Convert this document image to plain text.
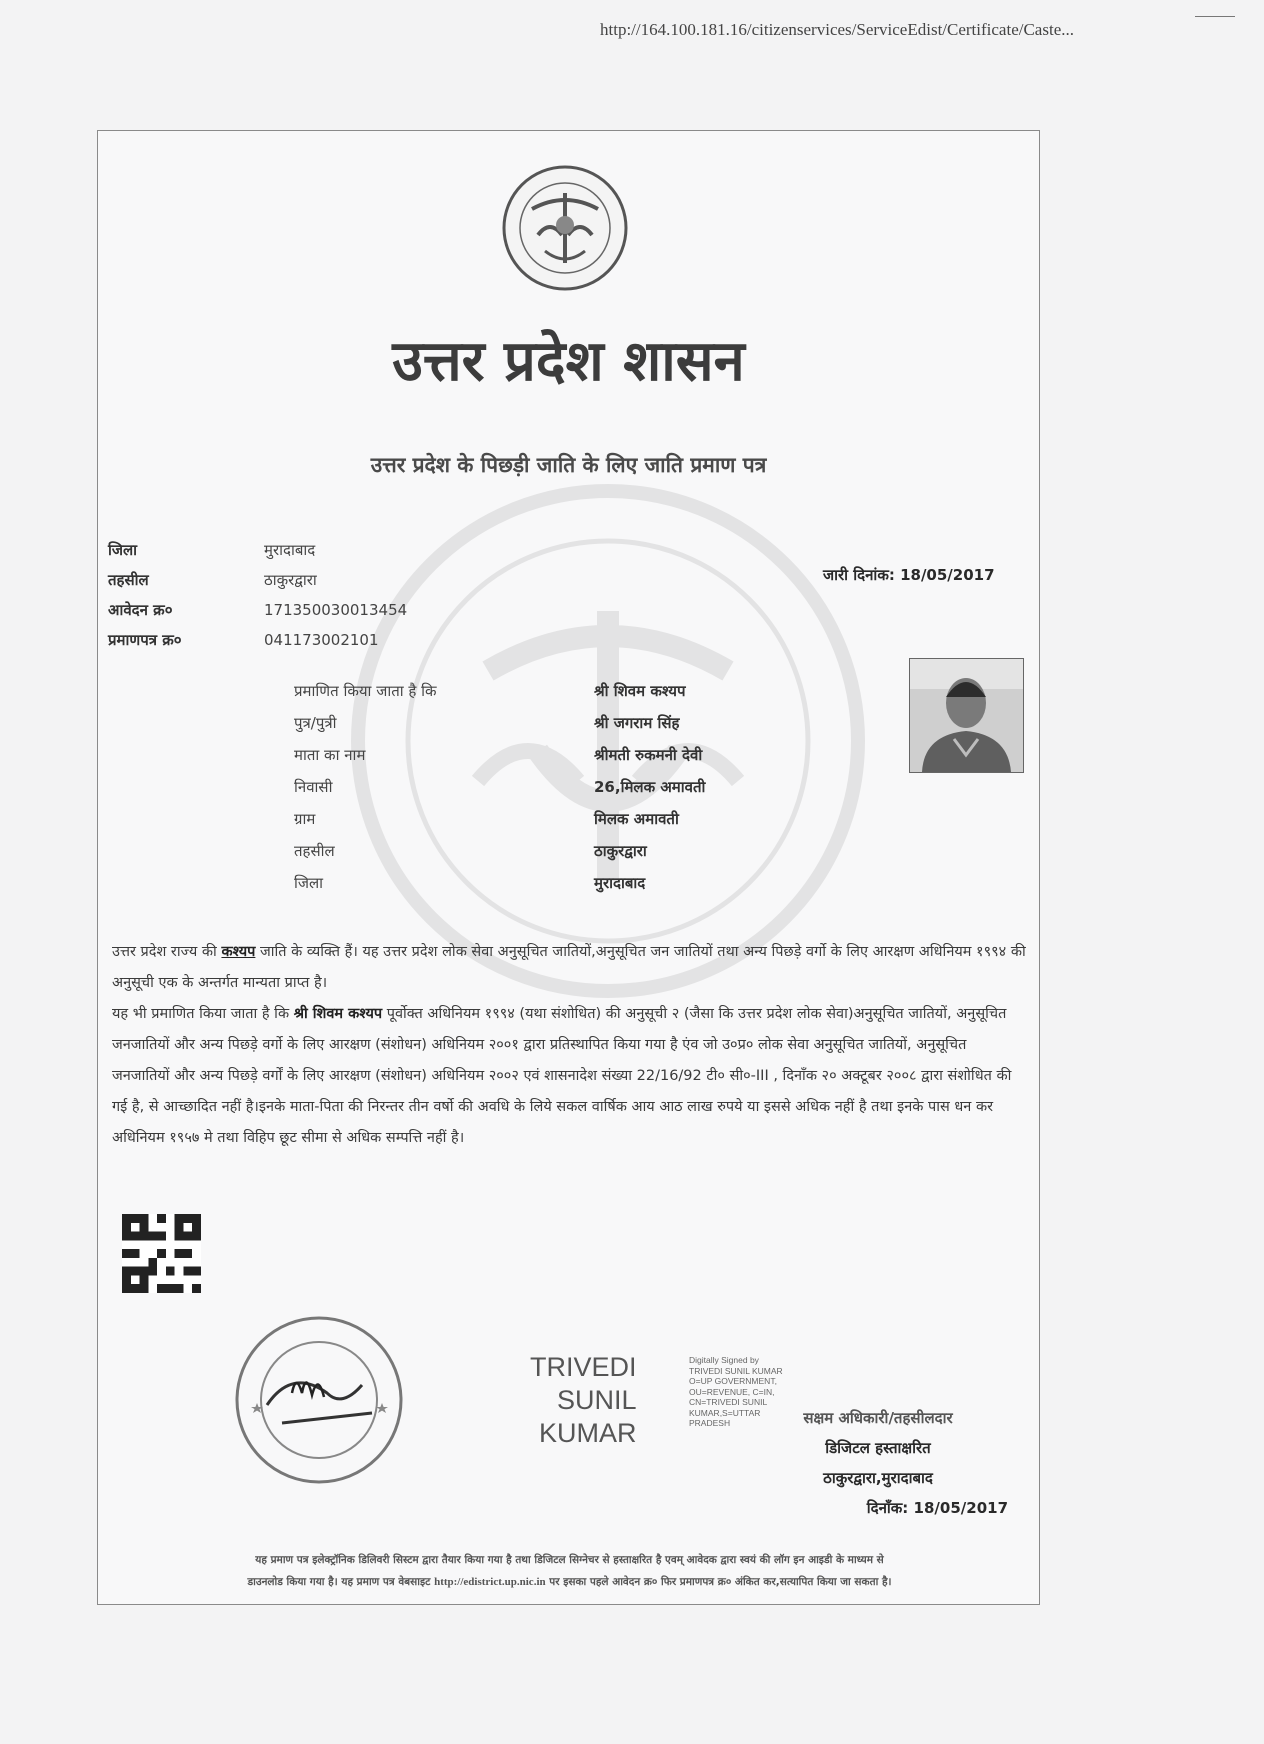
http://164.100.181.16/citizenservices/ServiceEdist/Certificate/Caste...
उत्तर प्रदेश शासन
उत्तर प्रदेश के पिछड़ी जाति के लिए जाति प्रमाण पत्र
जिला	मुरादाबाद
तहसील	ठाकुरद्वारा
आवेदन क्र०	171350030013454
प्रमाणपत्र क्र०	041173002101
जारी दिनांक: 18/05/2017
प्रमाणित किया जाता है कि	श्री शिवम कश्यप
पुत्र/पुत्री	श्री जगराम सिंह
माता का नाम	श्रीमती रुकमनी देवी
निवासी	26,मिलक अमावती
ग्राम	मिलक अमावती
तहसील	ठाकुरद्वारा
जिला	मुरादाबाद

उत्तर प्रदेश राज्य की कश्यप जाति के व्यक्ति हैं। यह उत्तर प्रदेश लोक सेवा अनुसूचित जातियों,अनुसूचित जन जातियों तथा अन्य पिछड़े वर्गो के लिए आरक्षण अधिनियम १९९४ की अनुसूची एक के अन्तर्गत मान्यता प्राप्त है।

यह भी प्रमाणित किया जाता है कि श्री शिवम कश्यप पूर्वोक्त अधिनियम १९९४ (यथा संशोधित) की अनुसूची २ (जैसा कि उत्तर प्रदेश लोक सेवा)अनुसूचित जातियों, अनुसूचित जनजातियों और अन्य पिछड़े वर्गो के लिए आरक्षण (संशोधन) अधिनियम २००१ द्वारा प्रतिस्थापित किया गया है एंव जो उ०प्र० लोक सेवा अनुसूचित जातियों, अनुसूचित जनजातियों और अन्य पिछड़े वर्गों के लिए आरक्षण (संशोधन) अधिनियम २००२ एवं शासनादेश संख्या 22/16/92 टी० सी०-III , दिनाँक २० अक्टूबर २००८ द्वारा संशोधित की गई है, से आच्छादित नहीं है।इनके माता-पिता की निरन्तर तीन वर्षो की अवधि के लिये सकल वार्षिक आय आठ लाख रुपये या इससे अधिक नहीं है तथा इनके पास धन कर अधिनियम १९५७ मे तथा विहिप छूट सीमा से अधिक सम्पत्ति नहीं है।

TRIVEDI
SUNIL
KUMAR
Digitally Signed by
TRIVEDI SUNIL KUMAR
O=UP GOVERNMENT,
OU=REVENUE, C=IN,
CN=TRIVEDI SUNIL
KUMAR,S=UTTAR
PRADESH	सक्षम अधिकारी/तहसीलदार
डिजिटल हस्ताक्षरित
ठाकुरद्वारा,मुरादाबाद
दिनाँक: 18/05/2017
यह प्रमाण पत्र इलेक्ट्रॉनिक डिलिवरी सिस्टम द्वारा तैयार किया गया है तथा डिजिटल सिग्नेचर से हस्ताक्षरित है एवम् आवेदक द्वारा स्वयं की लॉग इन आइडी के माध्यम से
डाउनलोड किया गया है। यह प्रमाण पत्र वेबसाइट http://edistrict.up.nic.in पर इसका पहले आवेदन क्र० फिर प्रमाणपत्र क्र० अंकित कर,सत्यापित किया जा सकता है।
